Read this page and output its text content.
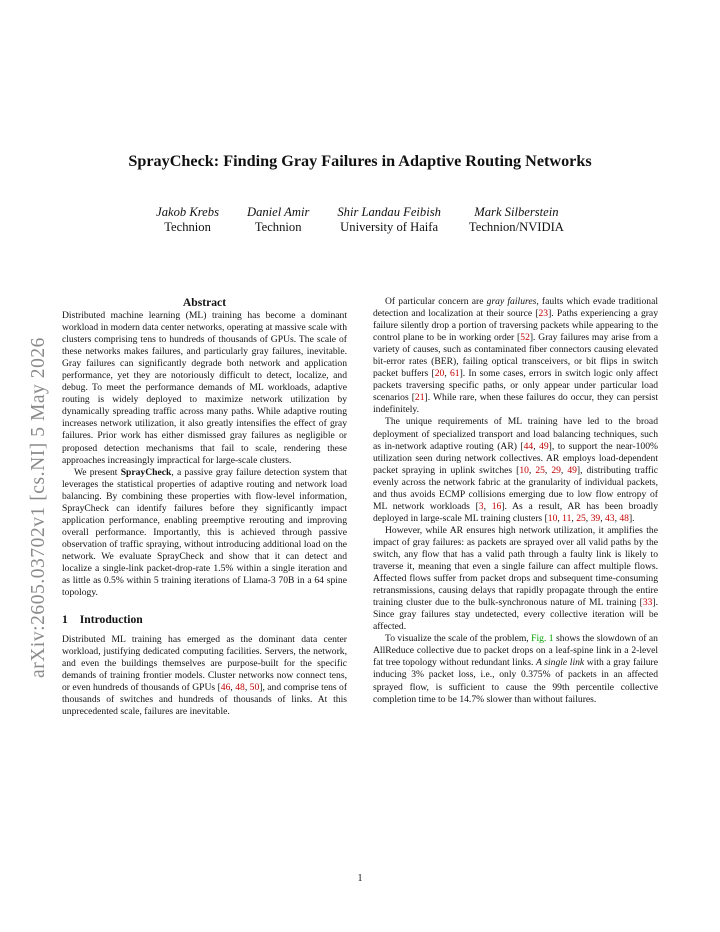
arXiv:2605.03702v1 [cs.NI] 5 May 2026
SprayCheck: Finding Gray Failures in Adaptive Routing Networks
Jakob Krebs
Technion
Daniel Amir
Technion
Shir Landau Feibish
University of Haifa
Mark Silberstein
Technion/NVIDIA
Abstract

Distributed machine learning (ML) training has become a dominant workload in modern data center networks, operating at massive scale with clusters comprising tens to hundreds of thousands of GPUs. The scale of these networks makes failures, and particularly gray failures, inevitable. Gray failures can significantly degrade both network and application performance, yet they are notoriously difficult to detect, localize, and debug. To meet the performance demands of ML workloads, adaptive routing is widely deployed to maximize network utilization by dynamically spreading traffic across many paths. While adaptive routing increases network utilization, it also greatly intensifies the effect of gray failures. Prior work has either dismissed gray failures as negligible or proposed detection mechanisms that fail to scale, rendering these approaches increasingly impractical for large-scale clusters.

We present SprayCheck, a passive gray failure detection system that leverages the statistical properties of adaptive routing and network load balancing. By combining these properties with flow-level information, SprayCheck can identify failures before they significantly impact application performance, enabling preemptive rerouting and improving overall performance. Importantly, this is achieved through passive observation of traffic spraying, without introducing additional load on the network. We evaluate SprayCheck and show that it can detect and localize a single-link packet-drop-rate 1.5% within a single iteration and as little as 0.5% within 5 training iterations of Llama-3 70B in a 64 spine topology.

1 Introduction

Distributed ML training has emerged as the dominant data center workload, justifying dedicated computing facilities. Servers, the network, and even the buildings themselves are purpose-built for the specific demands of training frontier models. Cluster networks now connect tens, or even hundreds of thousands of GPUs [46, 48, 50], and comprise tens of thousands of switches and hundreds of thousands of links. At this unprecedented scale, failures are inevitable.

Of particular concern are gray failures, faults which evade traditional detection and localization at their source [23]. Paths experiencing a gray failure silently drop a portion of traversing packets while appearing to the control plane to be in working order [52]. Gray failures may arise from a variety of causes, such as contaminated fiber connectors causing elevated bit-error rates (BER), failing optical transceivers, or bit flips in switch packet buffers [20, 61]. In some cases, errors in switch logic only affect packets traversing specific paths, or only appear under particular load scenarios [21]. While rare, when these failures do occur, they can persist indefinitely.

The unique requirements of ML training have led to the broad deployment of specialized transport and load balancing techniques, such as in-network adaptive routing (AR) [44, 49], to support the near-100% utilization seen during network collectives. AR employs load-dependent packet spraying in uplink switches [10, 25, 29, 49], distributing traffic evenly across the network fabric at the granularity of individual packets, and thus avoids ECMP collisions emerging due to low flow entropy of ML network workloads [3, 16]. As a result, AR has been broadly deployed in large-scale ML training clusters [10, 11, 25, 39, 43, 48].

However, while AR ensures high network utilization, it amplifies the impact of gray failures: as packets are sprayed over all valid paths by the switch, any flow that has a valid path through a faulty link is likely to traverse it, meaning that even a single failure can affect multiple flows. Affected flows suffer from packet drops and subsequent time-consuming retransmissions, causing delays that rapidly propagate through the entire training cluster due to the bulk-synchronous nature of ML training [33]. Since gray failures stay undetected, every collective iteration will be affected.

To visualize the scale of the problem, Fig. 1 shows the slowdown of an AllReduce collective due to packet drops on a leaf-spine link in a 2-level fat tree topology without redundant links. A single link with a gray failure inducing 3% packet loss, i.e., only 0.375% of packets in an affected sprayed flow, is sufficient to cause the 99th percentile collective completion time to be 14.7% slower than without failures.

1
